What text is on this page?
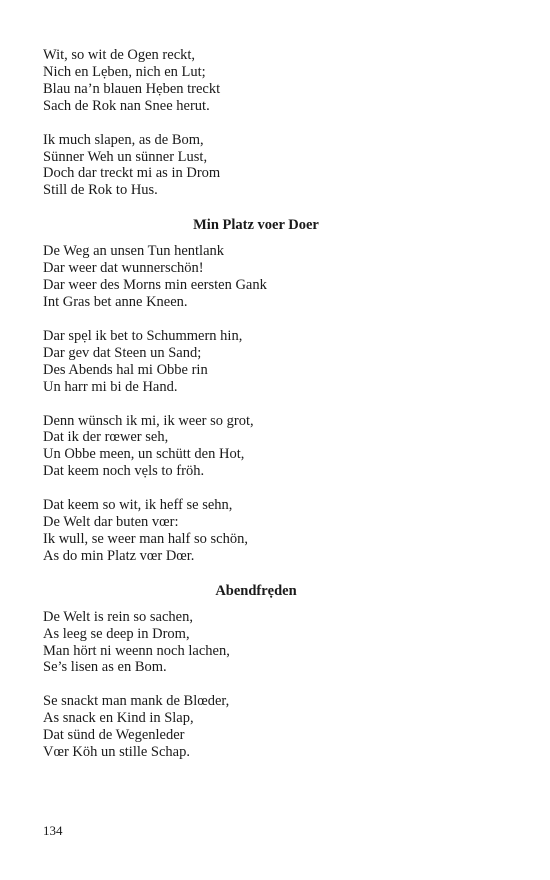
Wit, so wit de Ogen reckt,
Nich en Lẹben, nich en Lut;
Blau na’n blauen Hẹben treckt
Sach de Rok nan Snee herut.
Ik much slapen, as de Bom,
Sünner Weh un sünner Lust,
Doch dar treckt mi as in Drom
Still de Rok to Hus.
Min Platz voer Doer
De Weg an unsen Tun hentlank
Dar weer dat wunnerschön!
Dar weer des Morns min eersten Gank
Int Gras bet anne Kneen.
Dar spẹl ik bet to Schummern hin,
Dar gev dat Steen un Sand;
Des Abends hal mi Obbe rin
Un harr mi bi de Hand.
Denn wünsch ik mi, ik weer so grot,
Dat ik der rœwer seh,
Un Obbe meen, un schütt den Hot,
Dat keem noch vẹls to fröh.
Dat keem so wit, ik heff se sehn,
De Welt dar buten vœr:
Ik wull, se weer man half so schön,
As do min Platz vœr Dœr.
Abendfrẹden
De Welt is rein so sachen,
As leeg se deep in Drom,
Man hört ni weenn noch lachen,
Se’s lisen as en Bom.
Se snackt man mank de Blœder,
As snack en Kind in Slap,
Dat sünd de Wegenleder
Vœr Köh un stille Schap.
134
